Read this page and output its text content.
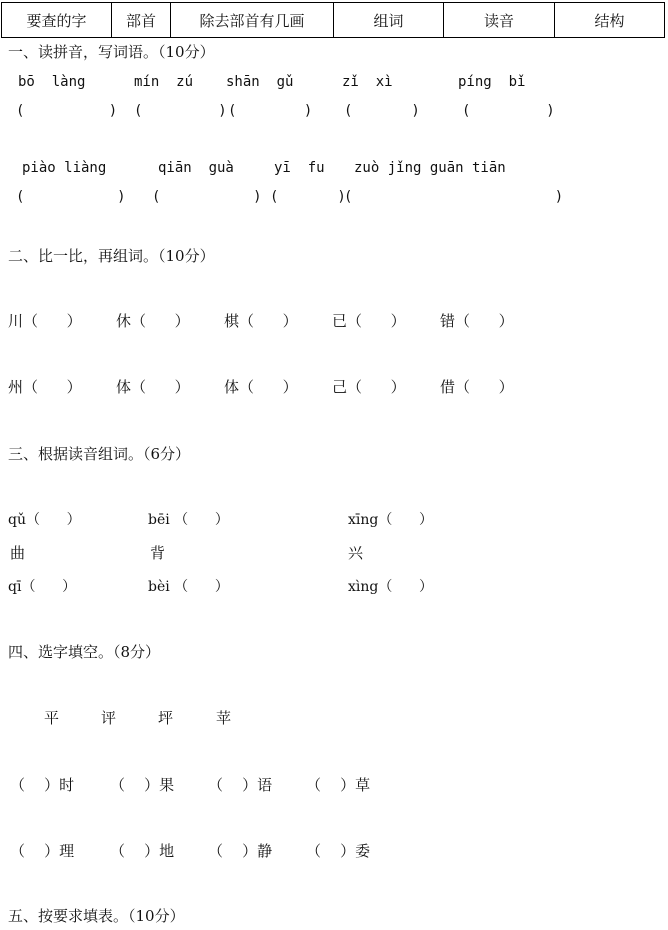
要查的字	部首	除去部首有几画	组词	读音	结构
一、读拼音，写词语。（10分）
bō  làng	mín  zú shān  gǔ	zǐ  xì	píng  bǐ
(          ) (         ) (        ) (       )	(         )
piào liàng	qiān  guà	yī  fu zuò jǐng guān tiān
(           ) (           ) (       )
(                        )
二、比一比，再组词。（10分）
川（      ） 休（      ） 棋（      ） 已（      ） 错（      ）
州（      ） 体（      ） 体（      ） 己（      ） 借（      ）
三、根据读音组词。（6分）
qǔ（      ）	bēi （      ）	xīng（      ）
曲	背	兴
qī（      ）	bèi （      ）	xìng（      ）
四、选字填空。（8分）
平	评	坪	苹
（    ）时 （    ）果 （    ）语 （    ）草
（    ）理 （    ）地 （    ）静 （    ）委
五、按要求填表。（10分）
